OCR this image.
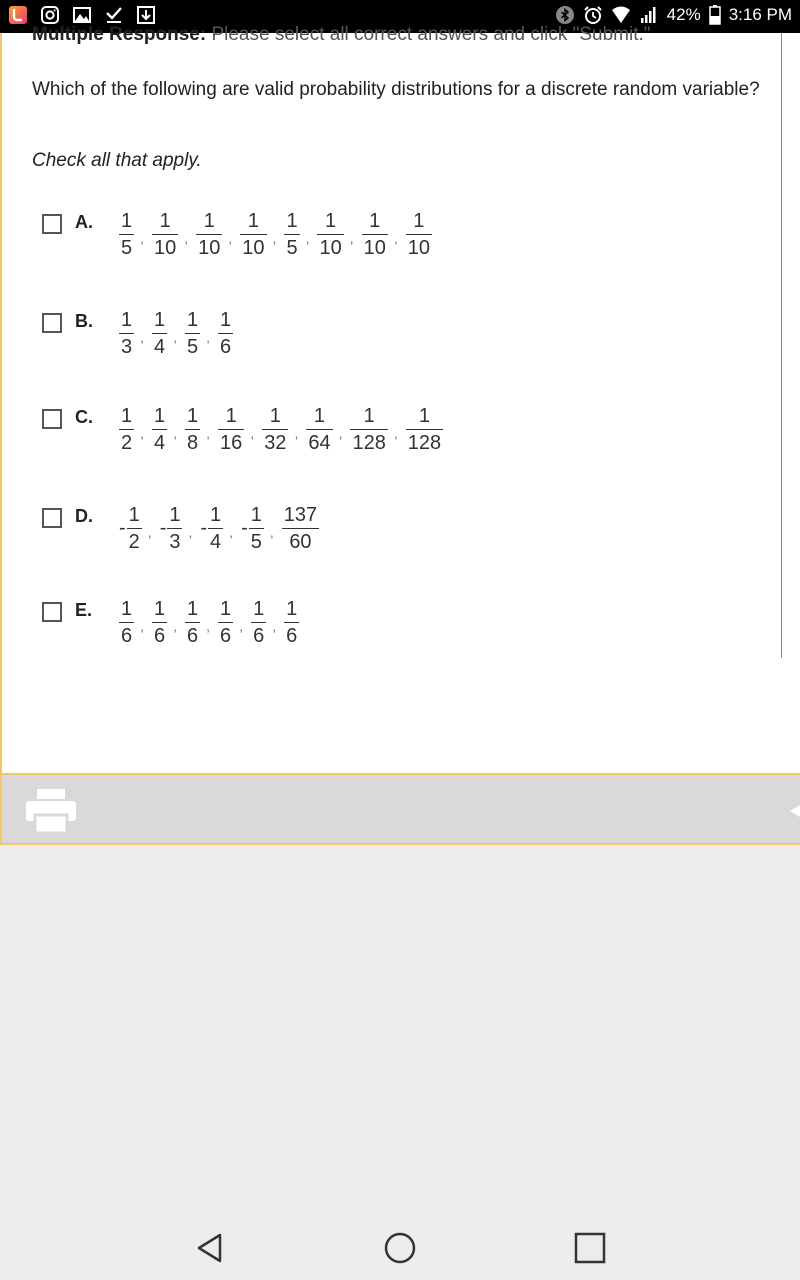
42% 3:16 PM
Multiple Response: Please select all correct answers and click "Submit."
Which of the following are valid probability distributions for a discrete random variable?
Check all that apply.
A.	$\frac{1}{5}$ , $\frac{1}{10}$ , $\frac{1}{10}$ , $\frac{1}{10}$ , $\frac{1}{5}$ , $\frac{1}{10}$ , $\frac{1}{10}$ , $\frac{1}{10}$
B.	$\frac{1}{3}$ , $\frac{1}{4}$ , $\frac{1}{5}$ , $\frac{1}{6}$
C.	$\frac{1}{2}$ , $\frac{1}{4}$ , $\frac{1}{8}$ , $\frac{1}{16}$ , $\frac{1}{32}$ , $\frac{1}{64}$ , $\frac{1}{128}$ , $\frac{1}{128}$
D.
- $\frac{1}{2}$ , - $\frac{1}{3}$ , - $\frac{1}{4}$ , - $\frac{1}{5}$ , $\frac{137}{60}$
E.	$\frac{1}{6}$ , $\frac{1}{6}$ , $\frac{1}{6}$ , $\frac{1}{6}$ , $\frac{1}{6}$ , $\frac{1}{6}$
